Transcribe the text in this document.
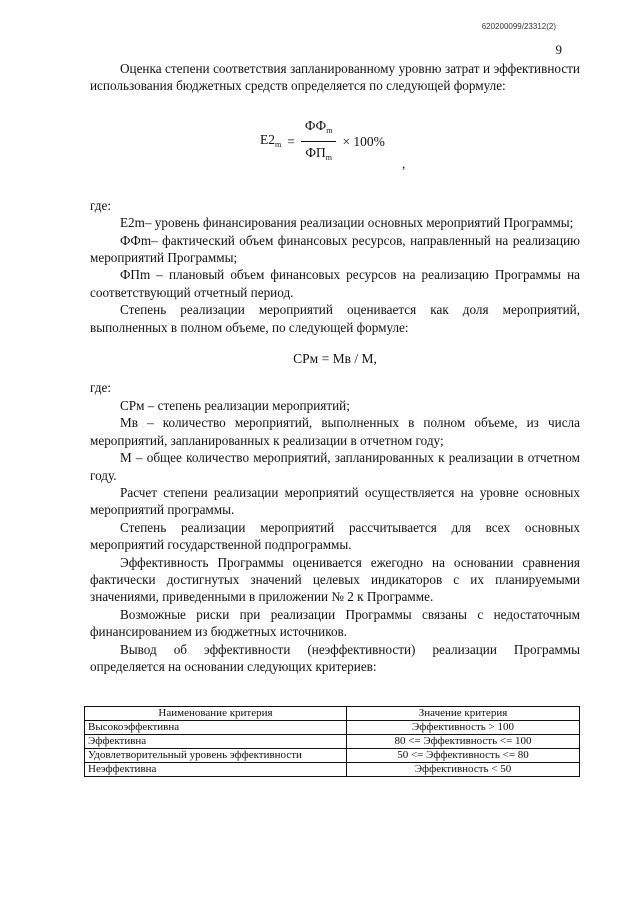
620200099/23312(2)
9

Оценка степени соответствия запланированному уровню затрат и эффективности использования бюджетных средств определяется по следующей формуле:

$Е2_m = \frac{ФФ_m}{ФП_m} \times 100\%$
,

где:

Е2m– уровень финансирования реализации основных мероприятий Программы;

ФФm– фактический объем финансовых ресурсов, направленный на реализацию мероприятий Программы;

ФПm – плановый объем финансовых ресурсов на реализацию Программы на соответствующий отчетный период.

Степень реализации мероприятий оценивается как доля мероприятий, выполненных в полном объеме, по следующей формуле:

СРм = Мв / М,

где:

СРм – степень реализации мероприятий;

Мв – количество мероприятий, выполненных в полном объеме, из числа мероприятий, запланированных к реализации в отчетном году;

М – общее количество мероприятий, запланированных к реализации в отчетном году.

Расчет степени реализации мероприятий осуществляется на уровне основных мероприятий программы.

Степень реализации мероприятий рассчитывается для всех основных мероприятий государственной подпрограммы.

Эффективность Программы оценивается ежегодно на основании сравнения фактически достигнутых значений целевых индикаторов с их планируемыми значениями, приведенными в приложении № 2 к Программе.

Возможные риски при реализации Программы связаны с недостаточным финансированием из бюджетных источников.

Вывод об эффективности (неэффективности) реализации Программы определяется на основании следующих критериев:

Наименование критерия	Значение критерия
Высокоэффективна	Эффективность > 100
Эффективна	80 <= Эффективность <= 100
Удовлетворительный уровень эффективности	50 <= Эффективность <= 80
Неэффективна	Эффективность < 50
